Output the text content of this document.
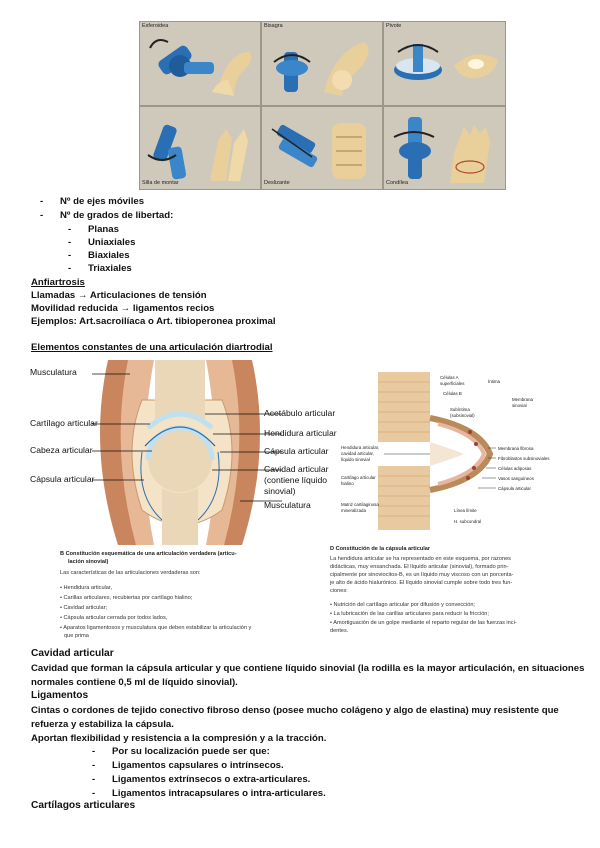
Esferoidea	Bisagra	Pivote
Silla de montar	Deslizante	Condílea
- Nº de ejes móviles
- Nº de grados de libertad:
- Planas
- Uniaxiales
- Biaxiales
- Triaxiales
Anfiartrosis
Llamadas → Articulaciones de tensión
Movilidad reducida → ligamentos recios
Ejemplos: Art.sacroilíaca o Art. tibioperonea proximal
Elementos constantes de una articulación diartrodial
Musculatura
Cartílago articular
Cabeza articular
Cápsula articular
Acetábulo articular
Hendidura articular
Cápsula articular
Cavidad articular
(contiene líquido
sinovial)
Musculatura
B Constitución esquemática de una articulación verdadera (articu-
lación sinovial)
Las características de las articulaciones verdaderas son:
• Hendidura articular,
• Carillas articulares, recubiertas por cartílago hialino;
• Cavidad articular;
• Cápsula articular cerrada por todos lados,
• Aparatos ligamentosos y musculatura que deben estabilizar la articulación y
que prima
Células A
superficiales
Células B
Íntima
Subíntima
(subsinovial)
Membrana
sinovial
Hendidura articular,
cavidad articular,
líquido sinovial
Cartílago articular
hialino
Matriz cartilaginosa
mineralizada
Membrana fibrosa
Fibroblastos subsinoviales
Células adiposas
Vasos sanguíneos
Cápsula articular
Línea límite
H. subcondral
D Constitución de la cápsula articular
La hendidura articular se ha representado en este esquema, por razones
didácticas, muy ensanchada. El líquido articular (sinovial), formado prin-
cipalmente por sinoviocitos-B, es un líquido muy viscoso con un porcenta-
je alto de ácido hialurónico. El líquido sinovial cumple sobre todo tres fun-
ciones:
• Nutrición del cartílago articular por difusión y convección;
• La lubricación de las carillas articulares para reducir la fricción;
• Amortiguación de un golpe mediante el reparto regular de las fuerzas inci-
dentes.
Cavidad articular
Cavidad que forman la cápsula articular y que contiene líquido sinovial (la rodilla es la mayor articulación, en situaciones
normales contiene 0,5 ml de líquido sinovial).
Ligamentos
Cintas o cordones de tejido conectivo fibroso denso (posee mucho colágeno y algo de elastina) muy resistente que
refuerza y estabiliza la cápsula.
Aportan flexibilidad y resistencia a la compresión y a la tracción.
- Por su localización puede ser que:
- Ligamentos capsulares o intrínsecos.
- Ligamentos extrínsecos o extra-articulares.
- Ligamentos intracapsulares o intra-articulares.
Cartílagos articulares
